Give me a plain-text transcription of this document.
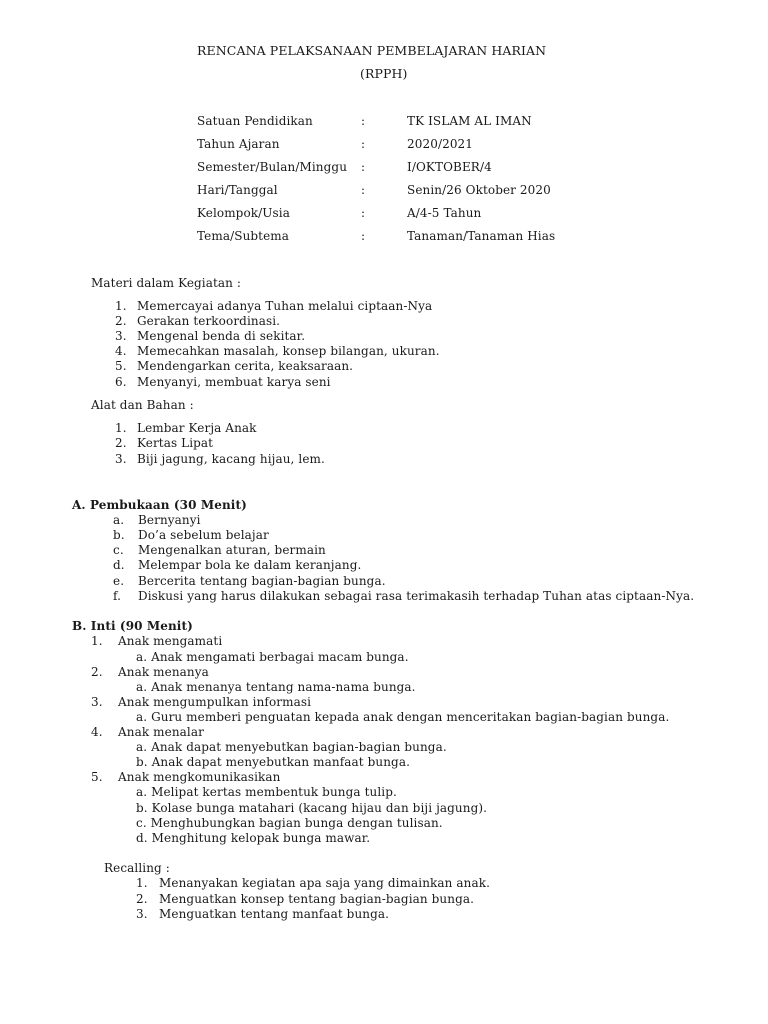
RENCANA PELAKSANAAN PEMBELAJARAN HARIAN
(RPPH)
Satuan Pendidikan	:	TK ISLAM AL IMAN
Tahun Ajaran	:	2020/2021
Semester/Bulan/Minggu :	I/OKTOBER/4
Hari/Tanggal	:	Senin/26 Oktober 2020
Kelompok/Usia	:	A/4-5 Tahun
Tema/Subtema	:	Tanaman/Tanaman Hias
Materi dalam Kegiatan :
1. Memercayai adanya Tuhan melalui ciptaan-Nya
2. Gerakan terkoordinasi.
3. Mengenal benda di sekitar.
4. Memecahkan masalah, konsep bilangan, ukuran.
5. Mendengarkan cerita, keaksaraan.
6. Menyanyi, membuat karya seni
Alat dan Bahan :
1. Lembar Kerja Anak
2. Kertas Lipat
3. Biji jagung, kacang hijau, lem.
A. Pembukaan (30 Menit)
a. Bernyanyi
b. Do’a sebelum belajar
c. Mengenalkan aturan, bermain
d. Melempar bola ke dalam keranjang.
e. Bercerita tentang bagian-bagian bunga.
f. Diskusi yang harus dilakukan sebagai rasa terimakasih terhadap Tuhan atas ciptaan-Nya.
B. Inti (90 Menit)
1. Anak mengamati
a. Anak mengamati berbagai macam bunga.
2. Anak menanya
a. Anak menanya tentang nama-nama bunga.
3. Anak mengumpulkan informasi
a. Guru memberi penguatan kepada anak dengan menceritakan bagian-bagian bunga.
4. Anak menalar
a. Anak dapat menyebutkan bagian-bagian bunga.
b. Anak dapat menyebutkan manfaat bunga.
5. Anak mengkomunikasikan
a. Melipat kertas membentuk bunga tulip.
b. Kolase bunga matahari (kacang hijau dan biji jagung).
c. Menghubungkan bagian bunga dengan tulisan.
d. Menghitung kelopak bunga mawar.
Recalling :
1. Menanyakan kegiatan apa saja yang dimainkan anak.
2. Menguatkan konsep tentang bagian-bagian bunga.
3. Menguatkan tentang manfaat bunga.
